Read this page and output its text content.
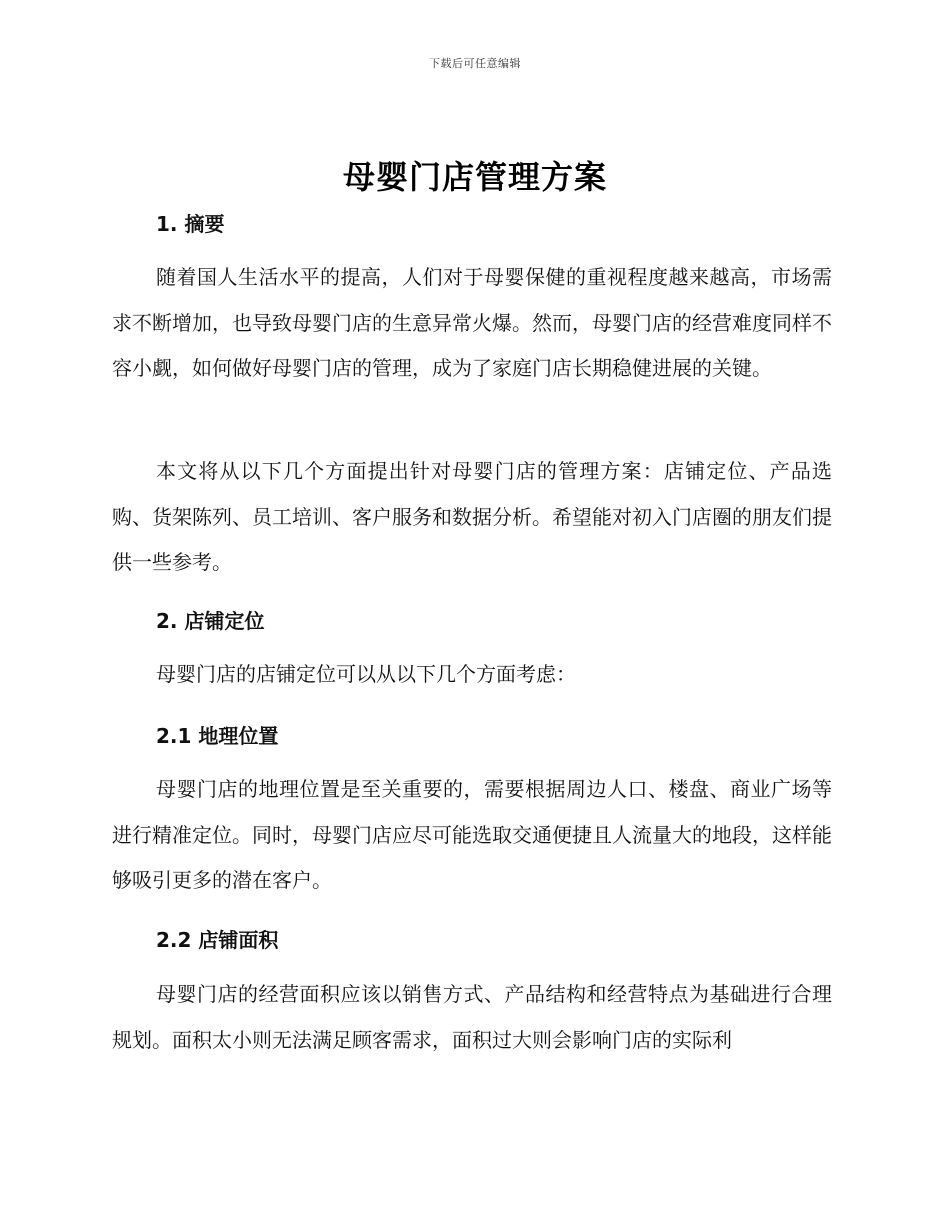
下载后可任意编辑
母婴门店管理方案
1. 摘要
随着国人生活水平的提高，人们对于母婴保健的重视程度越来越高，市场需求不断增加，也导致母婴门店的生意异常火爆。然而，母婴门店的经营难度同样不容小觑，如何做好母婴门店的管理，成为了家庭门店长期稳健进展的关键。
本文将从以下几个方面提出针对母婴门店的管理方案：店铺定位、产品选购、货架陈列、员工培训、客户服务和数据分析。希望能对初入门店圈的朋友们提供一些参考。
2. 店铺定位
母婴门店的店铺定位可以从以下几个方面考虑：
2.1 地理位置
母婴门店的地理位置是至关重要的，需要根据周边人口、楼盘、商业广场等进行精准定位。同时，母婴门店应尽可能选取交通便捷且人流量大的地段，这样能够吸引更多的潜在客户。
2.2 店铺面积
母婴门店的经营面积应该以销售方式、产品结构和经营特点为基础进行合理规划。面积太小则无法满足顾客需求，面积过大则会影响门店的实际利
